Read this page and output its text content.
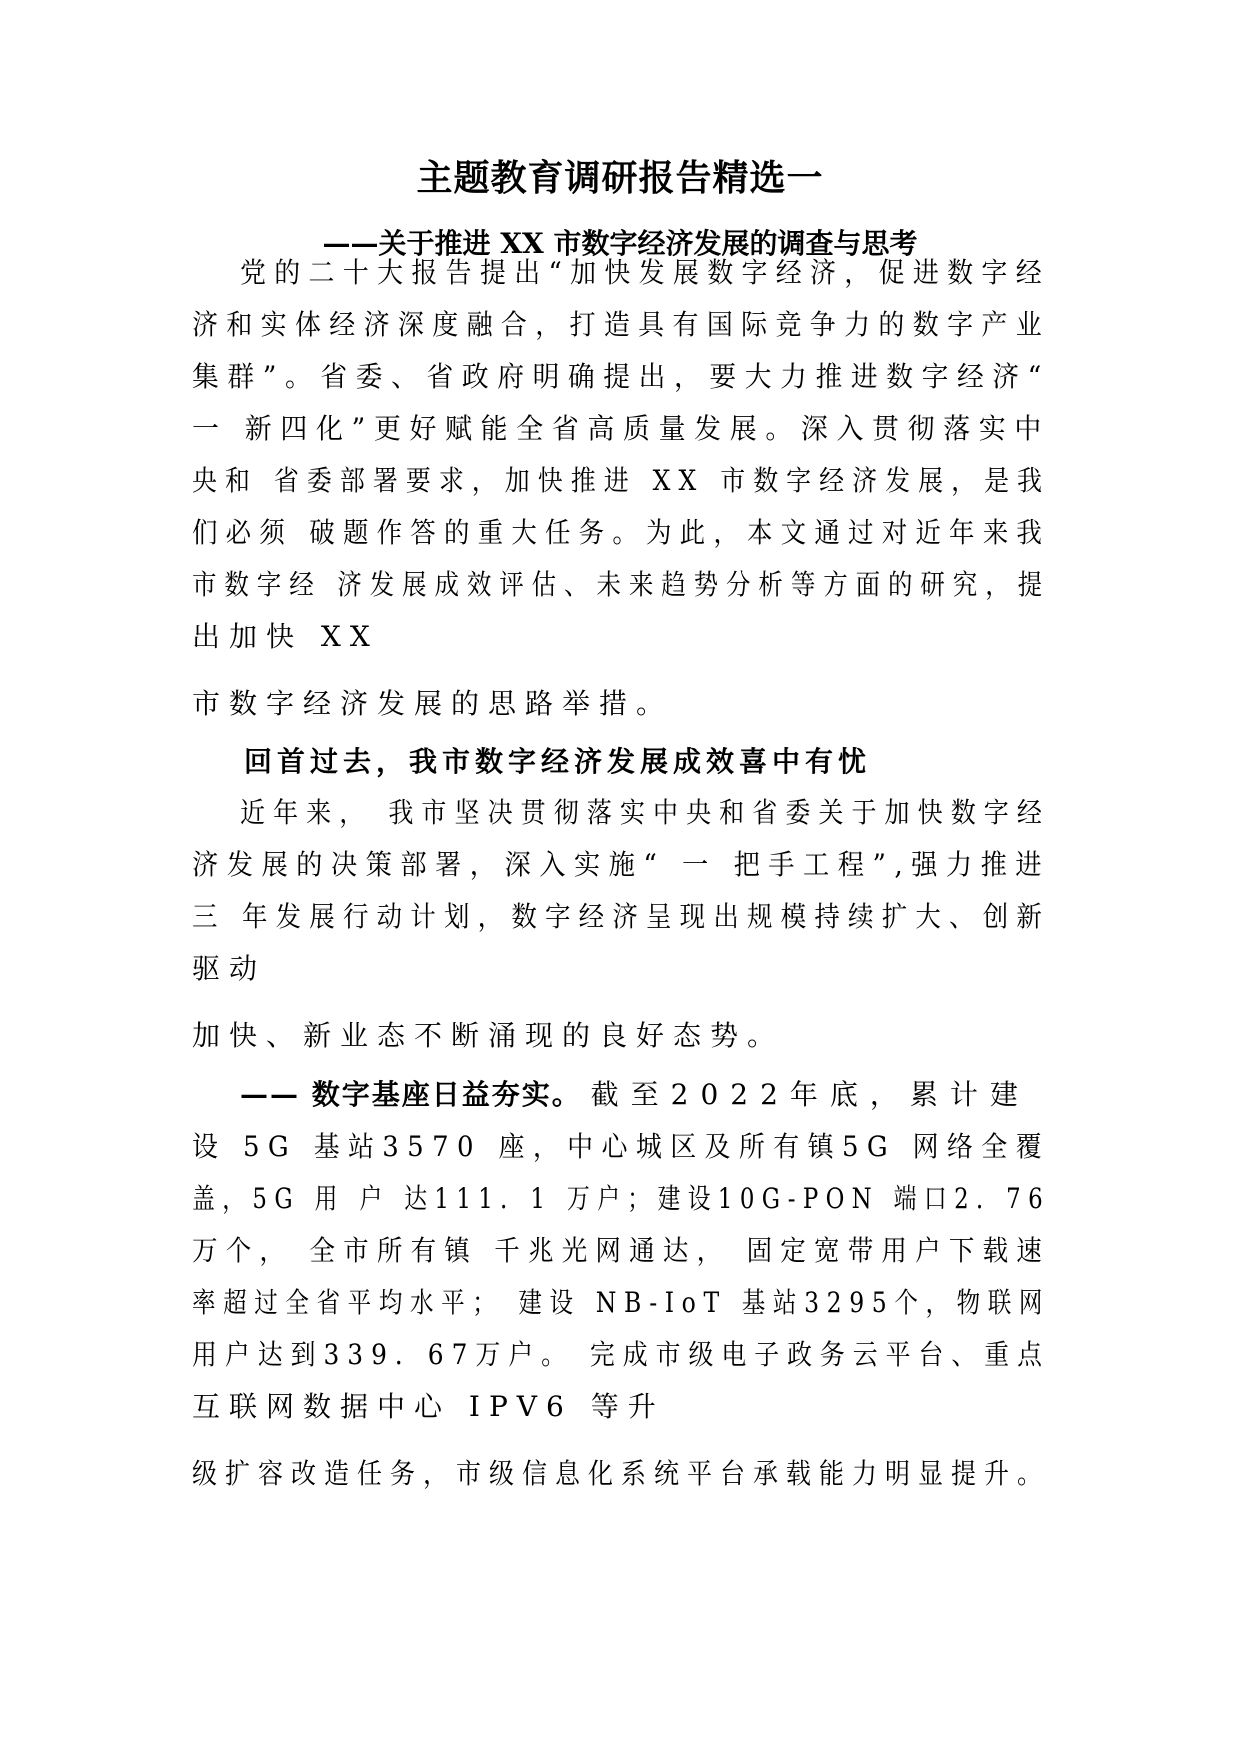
主题教育调研报告精选一
——关于推进 XX 市数字经济发展的调查与思考
党的二十大报告提出“加快发展数字经济，促进数字经
济和实体经济深度融合，打造具有国际竞争力的数字产业
集群”。省委、省政府明确提出，要大力推进数字经济“
一 新四化”更好赋能全省高质量发展。深入贯彻落实中
央和 省委部署要求，加快推进 XX 市数字经济发展，是我
们必须 破题作答的重大任务。为此，本文通过对近年来我
市数字经 济发展成效评估、未来趋势分析等方面的研究，提
出加快 XX
市数字经济发展的思路举措。
回首过去，我市数字经济发展成效喜中有忧
近年来， 我市坚决贯彻落实中央和省委关于加快数字经
济发展的决策部署，深入实施“ 一 把手工程”,强力推进
三 年发展行动计划，数字经济呈现出规模持续扩大、创新
驱动
加快、新业态不断涌现的良好态势。
—— 数字基座日益夯实。 截至2022年底，累计建
设 5G 基站3570 座，中心城区及所有镇5G 网络全覆
盖，5G 用 户 达111．1 万户；建设10G-PON 端口2．76
万个， 全市所有镇 千兆光网通达， 固定宽带用户下载速
率超过全省平均水平； 建设 NB-IoT 基站3295个，物联网
用户达到339．67万户。 完成市级电子政务云平台、重点
互联网数据中心 IPV6 等升
级扩容改造任务，市级信息化系统平台承载能力明显提升。
